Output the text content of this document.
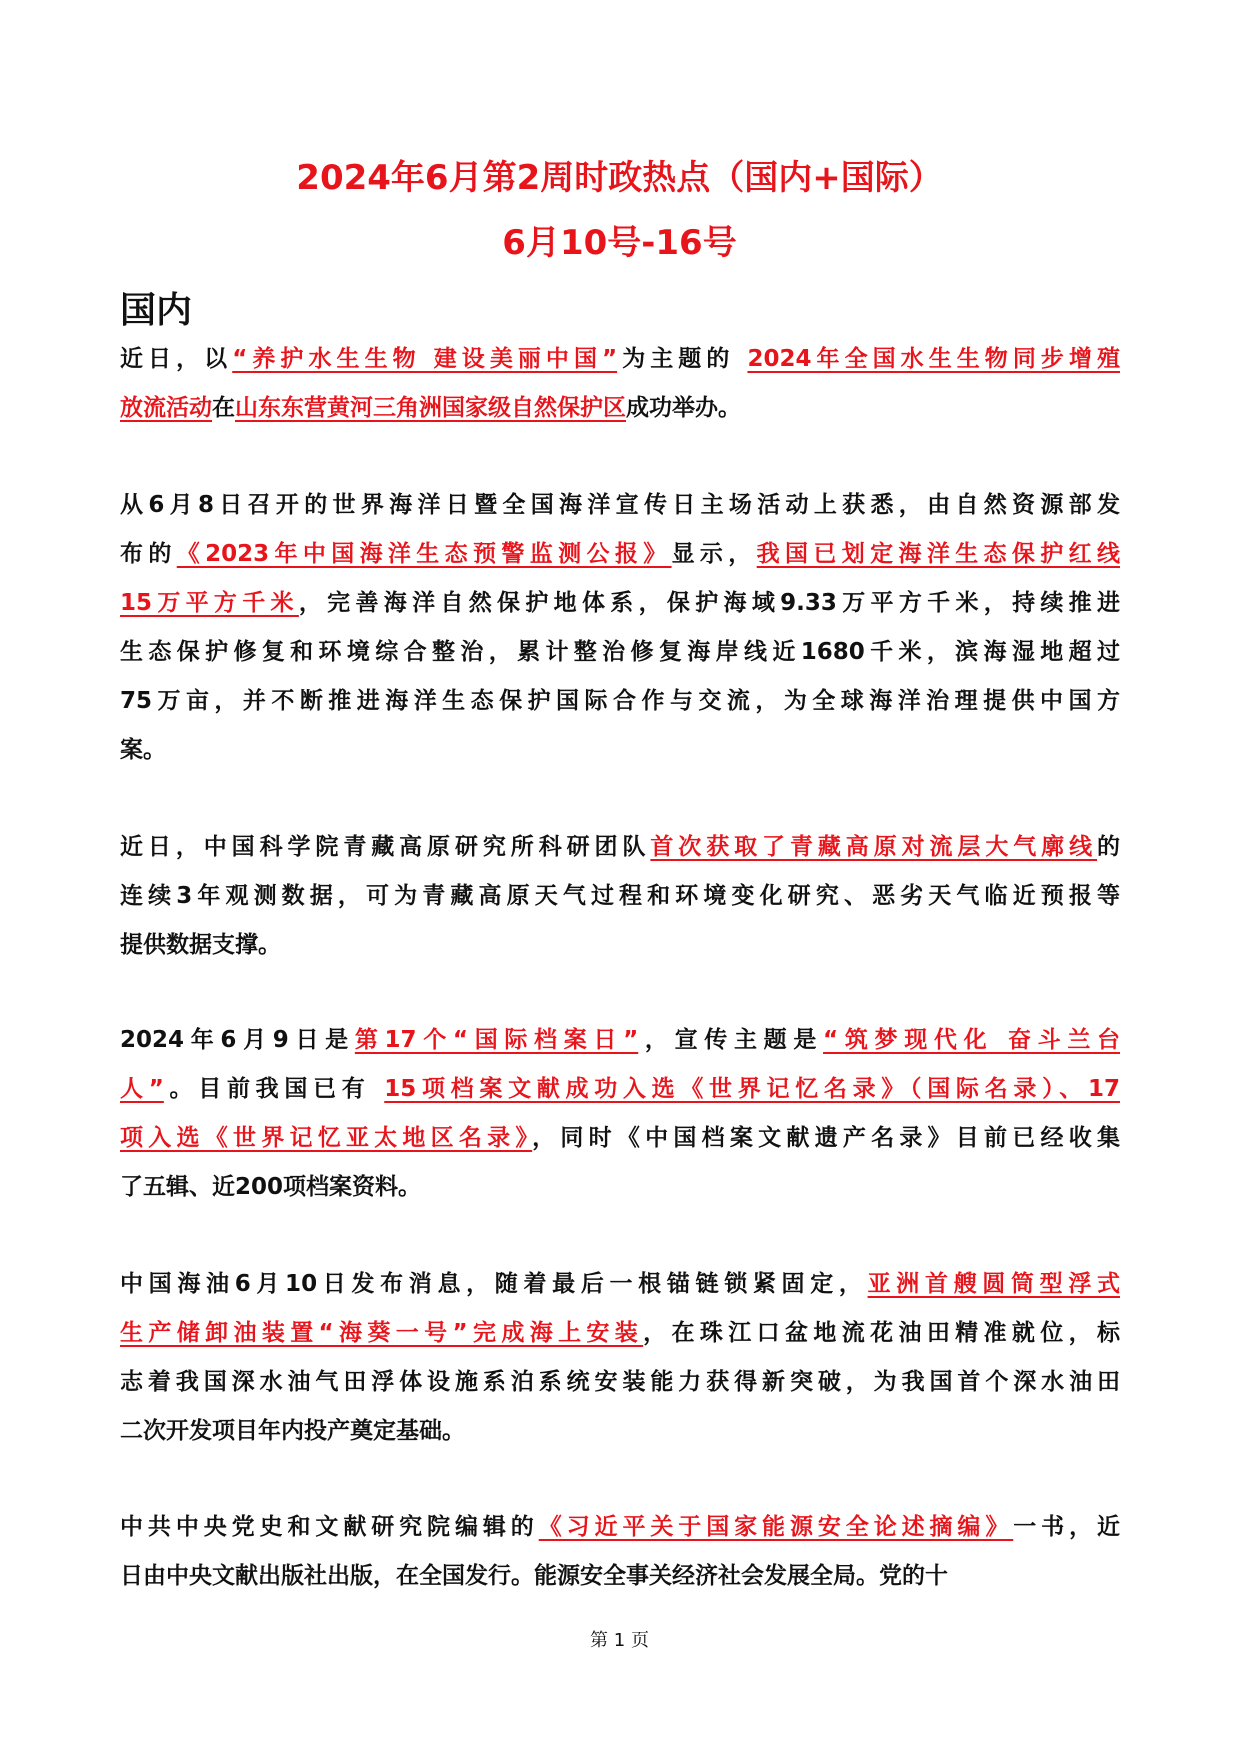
2024年6月第2周时政热点（国内+国际）
6月10号-16号
国内
近日，以“养护水生生物 建设美丽中国”为主题的 2024年全国水生生物同步增殖
放流活动在山东东营黄河三角洲国家级自然保护区成功举办。
从6月8日召开的世界海洋日暨全国海洋宣传日主场活动上获悉，由自然资源部发
布的《2023年中国海洋生态预警监测公报》显示，我国已划定海洋生态保护红线
15万平方千米，完善海洋自然保护地体系，保护海域9.33万平方千米，持续推进
生态保护修复和环境综合整治，累计整治修复海岸线近1680千米，滨海湿地超过
75万亩，并不断推进海洋生态保护国际合作与交流，为全球海洋治理提供中国方
案。
近日，中国科学院青藏高原研究所科研团队首次获取了青藏高原对流层大气廓线的
连续3年观测数据，可为青藏高原天气过程和环境变化研究、恶劣天气临近预报等
提供数据支撑。
2024年6月9日是第17个“国际档案日”，宣传主题是“筑梦现代化 奋斗兰台
人”。目前我国已有 15项档案文献成功入选《世界记忆名录》（国际名录）、17
项入选《世界记忆亚太地区名录》，同时《中国档案文献遗产名录》目前已经收集
了五辑、近200项档案资料。
中国海油6月10日发布消息，随着最后一根锚链锁紧固定，亚洲首艘圆筒型浮式
生产储卸油装置“海葵一号”完成海上安装，在珠江口盆地流花油田精准就位，标
志着我国深水油气田浮体设施系泊系统安装能力获得新突破，为我国首个深水油田
二次开发项目年内投产奠定基础。
中共中央党史和文献研究院编辑的《习近平关于国家能源安全论述摘编》一书，近
日由中央文献出版社出版，在全国发行。能源安全事关经济社会发展全局。党的十
第 1 页
